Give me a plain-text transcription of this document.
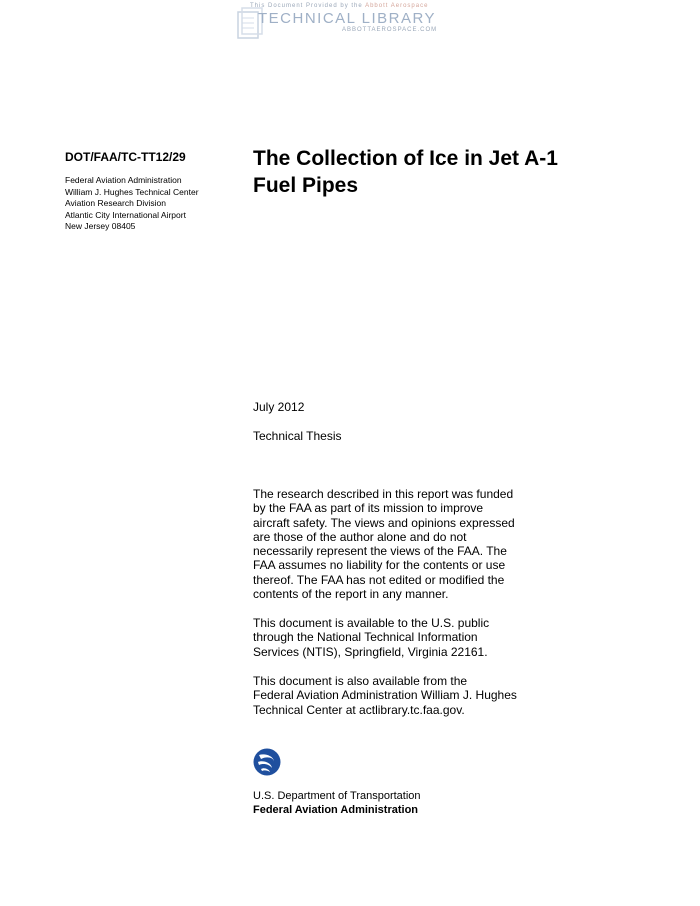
This Document Provided by the Abbott Aerospace
TECHNICAL LIBRARY
ABBOTTAEROSPACE.COM
DOT/FAA/TC-TT12/29
Federal Aviation Administration
William J. Hughes Technical Center
Aviation Research Division
Atlantic City International Airport
New Jersey 08405
The Collection of Ice in Jet A-1
Fuel Pipes
July 2012
Technical Thesis
The research described in this report was funded
by the FAA as part of its mission to improve
aircraft safety. The views and opinions expressed
are those of the author alone and do not
necessarily represent the views of the FAA. The
FAA assumes no liability for the contents or use
thereof. The FAA has not edited or modified the
contents of the report in any manner.
This document is available to the U.S. public
through the National Technical Information
Services (NTIS), Springfield, Virginia 22161.
This document is also available from the
Federal Aviation Administration William J. Hughes
Technical Center at actlibrary.tc.faa.gov.
U.S. Department of Transportation
Federal Aviation Administration
